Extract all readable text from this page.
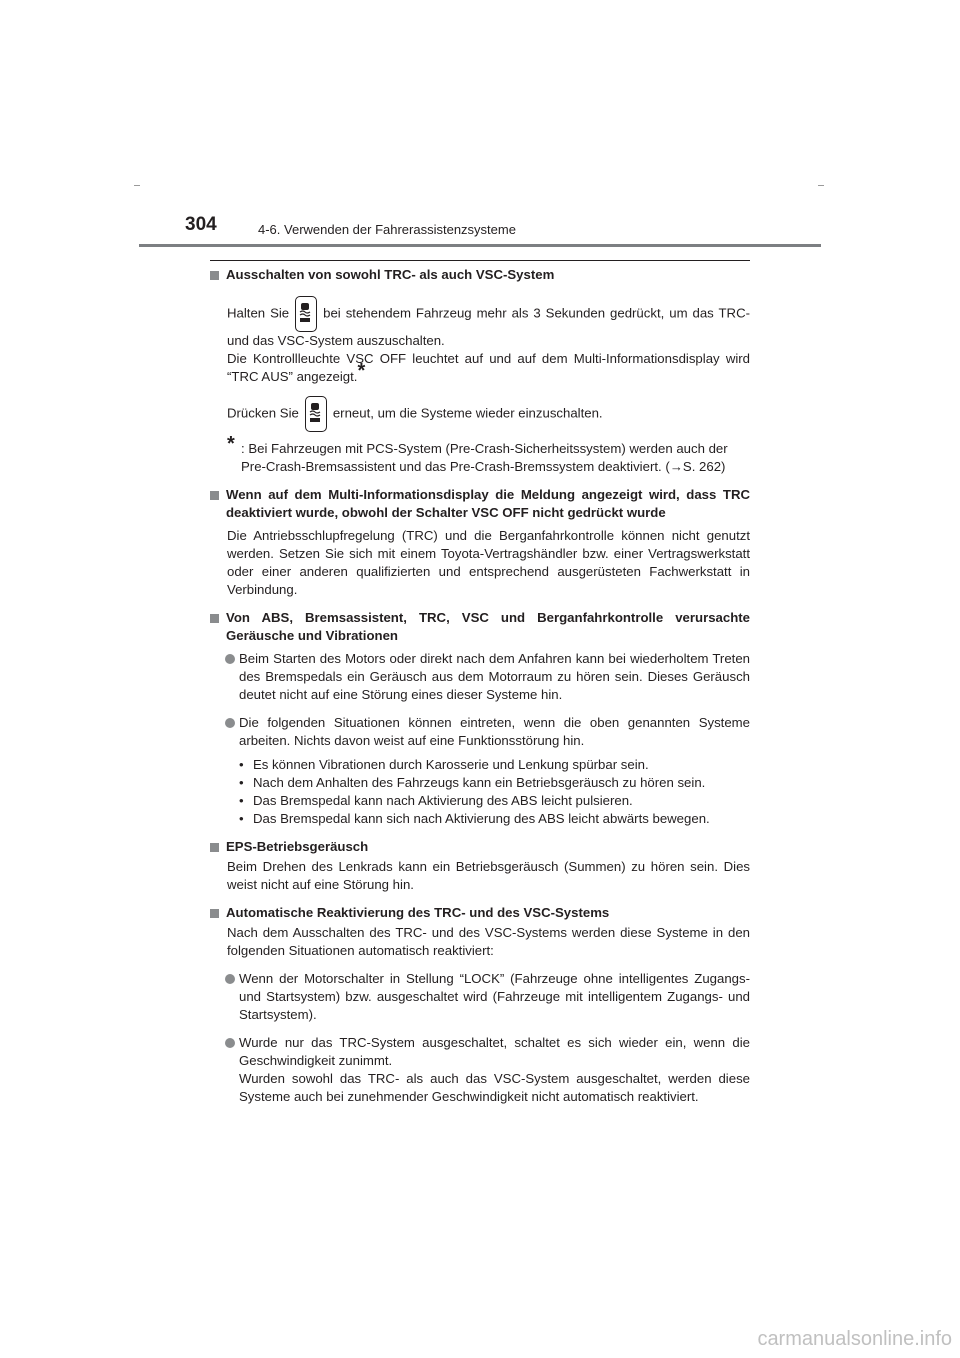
304	4-6. Verwenden der Fahrerassistenzsysteme

Ausschalten von sowohl TRC- als auch VSC-System

Halten Sie	bei stehendem Fahrzeug mehr als 3 Sekunden gedrückt, um das TRC- und das VSC-System auszuschalten.

Die Kontrollleuchte VSC OFF leuchtet auf und auf dem Multi-Informationsdisplay wird “TRC AUS” angezeigt.*

Drücken Sie	erneut, um die Systeme wieder einzuschalten.

* : Bei Fahrzeugen mit PCS-System (Pre-Crash-Sicherheitssystem) werden auch der Pre-Crash-Bremsassistent und das Pre-Crash-Bremssystem deaktiviert. (→S. 262)

Wenn auf dem Multi-Informationsdisplay die Meldung angezeigt wird, dass TRC deaktiviert wurde, obwohl der Schalter VSC OFF nicht gedrückt wurde

Die Antriebsschlupfregelung (TRC) und die Berganfahrkontrolle können nicht genutzt werden. Setzen Sie sich mit einem Toyota-Vertragshändler bzw. einer Vertragswerkstatt oder einer anderen qualifizierten und entsprechend ausgerüsteten Fachwerkstatt in Verbindung.

Von ABS, Bremsassistent, TRC, VSC und Berganfahrkontrolle verursachte Geräusche und Vibrationen

Beim Starten des Motors oder direkt nach dem Anfahren kann bei wiederholtem Treten des Bremspedals ein Geräusch aus dem Motorraum zu hören sein. Dieses Geräusch deutet nicht auf eine Störung eines dieser Systeme hin.

Die folgenden Situationen können eintreten, wenn die oben genannten Systeme arbeiten. Nichts davon weist auf eine Funktionsstörung hin.

• Es können Vibrationen durch Karosserie und Lenkung spürbar sein.

• Nach dem Anhalten des Fahrzeugs kann ein Betriebsgeräusch zu hören sein.

• Das Bremspedal kann nach Aktivierung des ABS leicht pulsieren.

• Das Bremspedal kann sich nach Aktivierung des ABS leicht abwärts bewegen.

EPS-Betriebsgeräusch

Beim Drehen des Lenkrads kann ein Betriebsgeräusch (Summen) zu hören sein. Dies weist nicht auf eine Störung hin.

Automatische Reaktivierung des TRC- und des VSC-Systems

Nach dem Ausschalten des TRC- und des VSC-Systems werden diese Systeme in den folgenden Situationen automatisch reaktiviert:

Wenn der Motorschalter in Stellung “LOCK” (Fahrzeuge ohne intelligentes Zugangs- und Startsystem) bzw. ausgeschaltet wird (Fahrzeuge mit intelligentem Zugangs- und Startsystem).

Wurde nur das TRC-System ausgeschaltet, schaltet es sich wieder ein, wenn die Geschwindigkeit zunimmt.
Wurden sowohl das TRC- als auch das VSC-System ausgeschaltet, werden diese Systeme auch bei zunehmender Geschwindigkeit nicht automatisch reaktiviert.

carmanualsonline.info
